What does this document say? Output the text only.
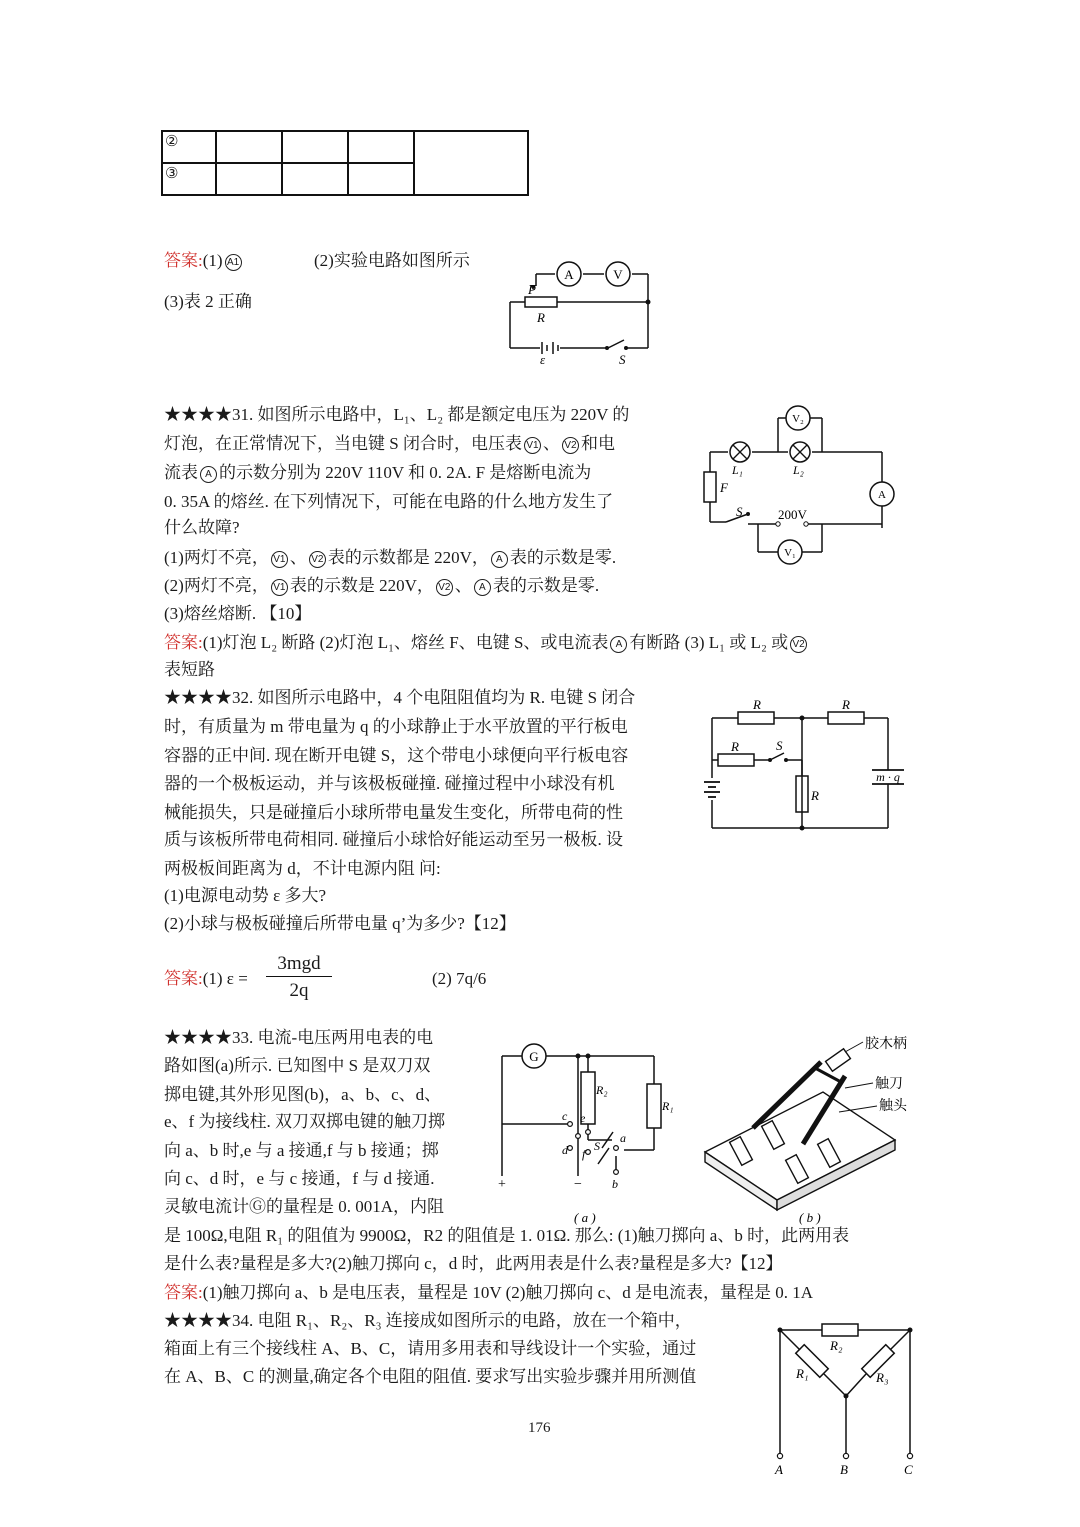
②				
③				
答案:(1) A1	(2)实验电路如图所示
(3)表 2 正确
A	V
P
R
ε	S
★★★★31. 如图所示电路中，L₁、L₂ 都是额定电压为 220V 的
灯泡，在正常情况下，当电键 S 闭合时，电压表 V1 、 V2 和电
流表 A 的示数分别为 220V 110V 和 0. 2A. F 是熔断电流为
0. 35A 的熔丝. 在下列情况下，可能在电路的什么地方发生了
什么故障?
(1)两灯不亮， V1 、 V2 表的示数都是 220V， A 表的示数是零.
(2)两灯不亮， V1 表的示数是 220V， V2 、 A 表的示数是零.
(3)熔丝熔断. 【10】
答案:(1)灯泡 L₂ 断路 (2)灯泡 L₁、熔丝 F、电键 S、或电流表 A 有断路 (3) L₁ 或 L₂ 或 V2
表短路
V₂
L₁	L₂
F	A
S	200V
V₁
★★★★32. 如图所示电路中，4 个电阻阻值均为 R. 电键 S 闭合
时，有质量为 m 带电量为 q 的小球静止于水平放置的平行板电
容器的正中间. 现在断开电键 S，这个带电小球便向平行板电容
器的一个极板运动，并与该极板碰撞. 碰撞过程中小球没有机
械能损失，只是碰撞后小球所带电量发生变化，所带电荷的性
质与该板所带电荷相同. 碰撞后小球恰好能运动至另一极板. 设
两极板间距离为 d，不计电源内阻 问:
(1)电源电动势 ε 多大?
(2)小球与极板碰撞后所带电量 q’为多少?【12】
答案:(1) ε =
3mgd
2q
(2) 7q/6
R	R
R	S
R
m · q
★★★★33. 电流-电压两用电表的电
路如图(a)所示. 已知图中 S 是双刀双
掷电键,其外形见图(b)，a、b、c、d、
e、f 为接线柱. 双刀双掷电键的触刀掷
向 a、b 时,e 与 a 接通,f 与 b 接通；掷
向 c、d 时，e 与 c 接通，f 与 d 接通.
灵敏电流计Ⓖ的量程是 0. 001A，内阻
是 100Ω,电阻 R₁ 的阻值为 9900Ω，R2 的阻值是 1. 01Ω. 那么: (1)触刀掷向 a、b 时，此两用表
是什么表?量程是多大?(2)触刀掷向 c，d 时，此两用表是什么表?量程是多大?【12】
答案:(1)触刀掷向 a、b 是电压表，量程是 10V (2)触刀掷向 c、d 是电流表，量程是 0. 1A
G
R₂
R₁
c e
d f
S
a
b
+	−
( a )
胶木柄
触刀
触头
( b )
★★★★34. 电阻 R₁、R₂、R₃ 连接成如图所示的电路，放在一个箱中，
箱面上有三个接线柱 A、B、C，请用多用表和导线设计一个实验，通过
在 A、B、C 的测量,确定各个电阻的阻值. 要求写出实验步骤并用所测值
R₂
R₁	R₃
A	B	C
176
